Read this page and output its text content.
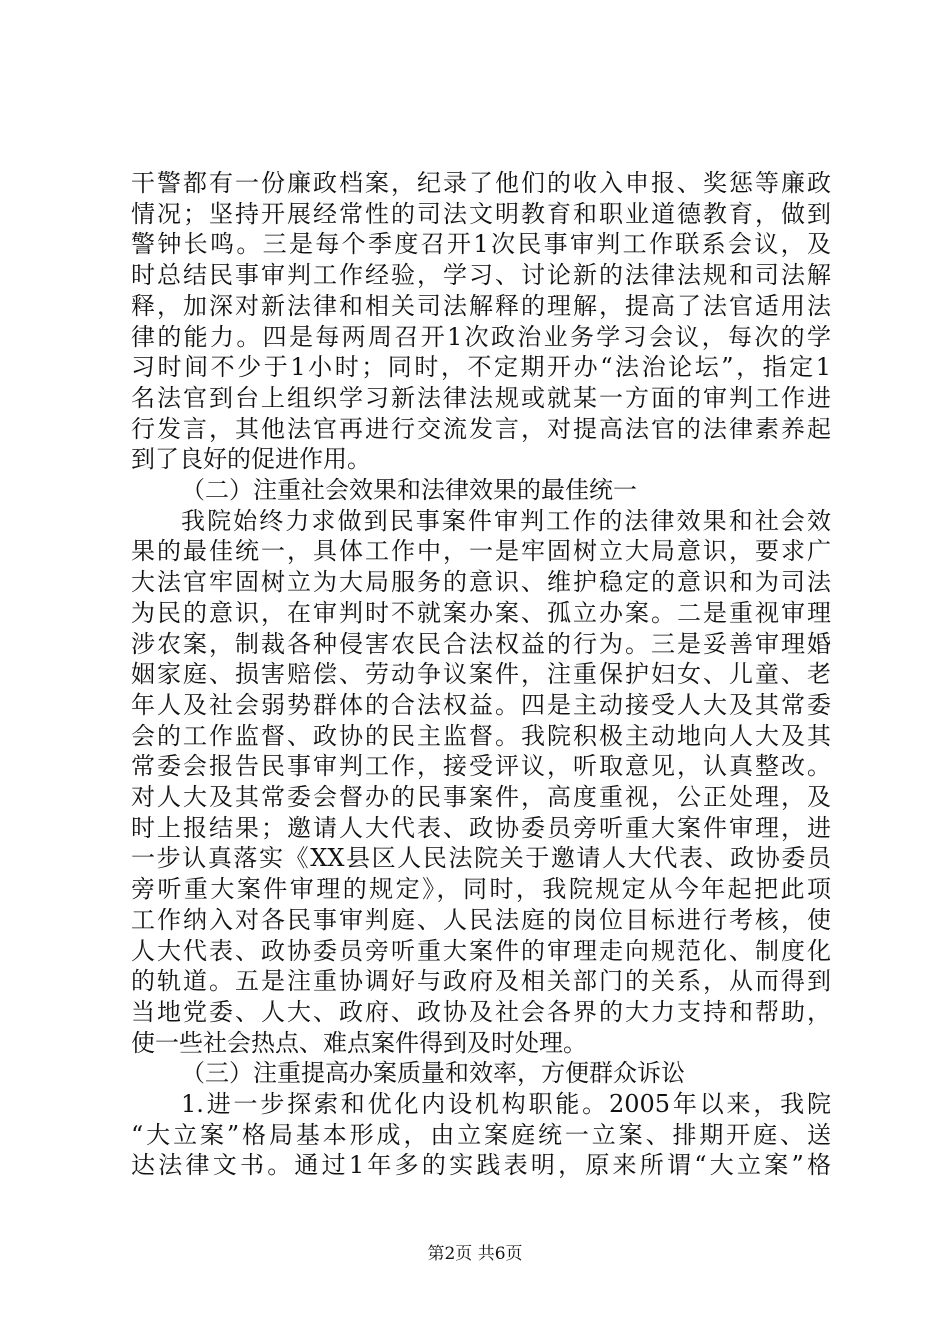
干警都有一份廉政档案，纪录了他们的收入申报、奖惩等廉政
情况；坚持开展经常性的司法文明教育和职业道德教育，做到
警钟长鸣。三是每个季度召开1次民事审判工作联系会议，及
时总结民事审判工作经验，学习、讨论新的法律法规和司法解
释，加深对新法律和相关司法解释的理解，提高了法官适用法
律的能力。四是每两周召开1次政治业务学习会议，每次的学
习时间不少于1小时；同时，不定期开办“法治论坛”，指定1
名法官到台上组织学习新法律法规或就某一方面的审判工作进
行发言，其他法官再进行交流发言，对提高法官的法律素养起
到了良好的促进作用。
（二）注重社会效果和法律效果的最佳统一
我院始终力求做到民事案件审判工作的法律效果和社会效
果的最佳统一，具体工作中，一是牢固树立大局意识，要求广
大法官牢固树立为大局服务的意识、维护稳定的意识和为司法
为民的意识，在审判时不就案办案、孤立办案。二是重视审理
涉农案，制裁各种侵害农民合法权益的行为。三是妥善审理婚
姻家庭、损害赔偿、劳动争议案件，注重保护妇女、儿童、老
年人及社会弱势群体的合法权益。四是主动接受人大及其常委
会的工作监督、政协的民主监督。我院积极主动地向人大及其
常委会报告民事审判工作，接受评议，听取意见，认真整改。
对人大及其常委会督办的民事案件，高度重视，公正处理，及
时上报结果；邀请人大代表、政协委员旁听重大案件审理，进
一步认真落实《XX县区人民法院关于邀请人大代表、政协委员
旁听重大案件审理的规定》，同时，我院规定从今年起把此项
工作纳入对各民事审判庭、人民法庭的岗位目标进行考核，使
人大代表、政协委员旁听重大案件的审理走向规范化、制度化
的轨道。五是注重协调好与政府及相关部门的关系，从而得到
当地党委、人大、政府、政协及社会各界的大力支持和帮助，
使一些社会热点、难点案件得到及时处理。
（三）注重提高办案质量和效率，方便群众诉讼
1.进一步探索和优化内设机构职能。2005年以来，我院
“大立案”格局基本形成，由立案庭统一立案、排期开庭、送
达法律文书。通过1年多的实践表明，原来所谓“大立案”格
第2页 共6页
